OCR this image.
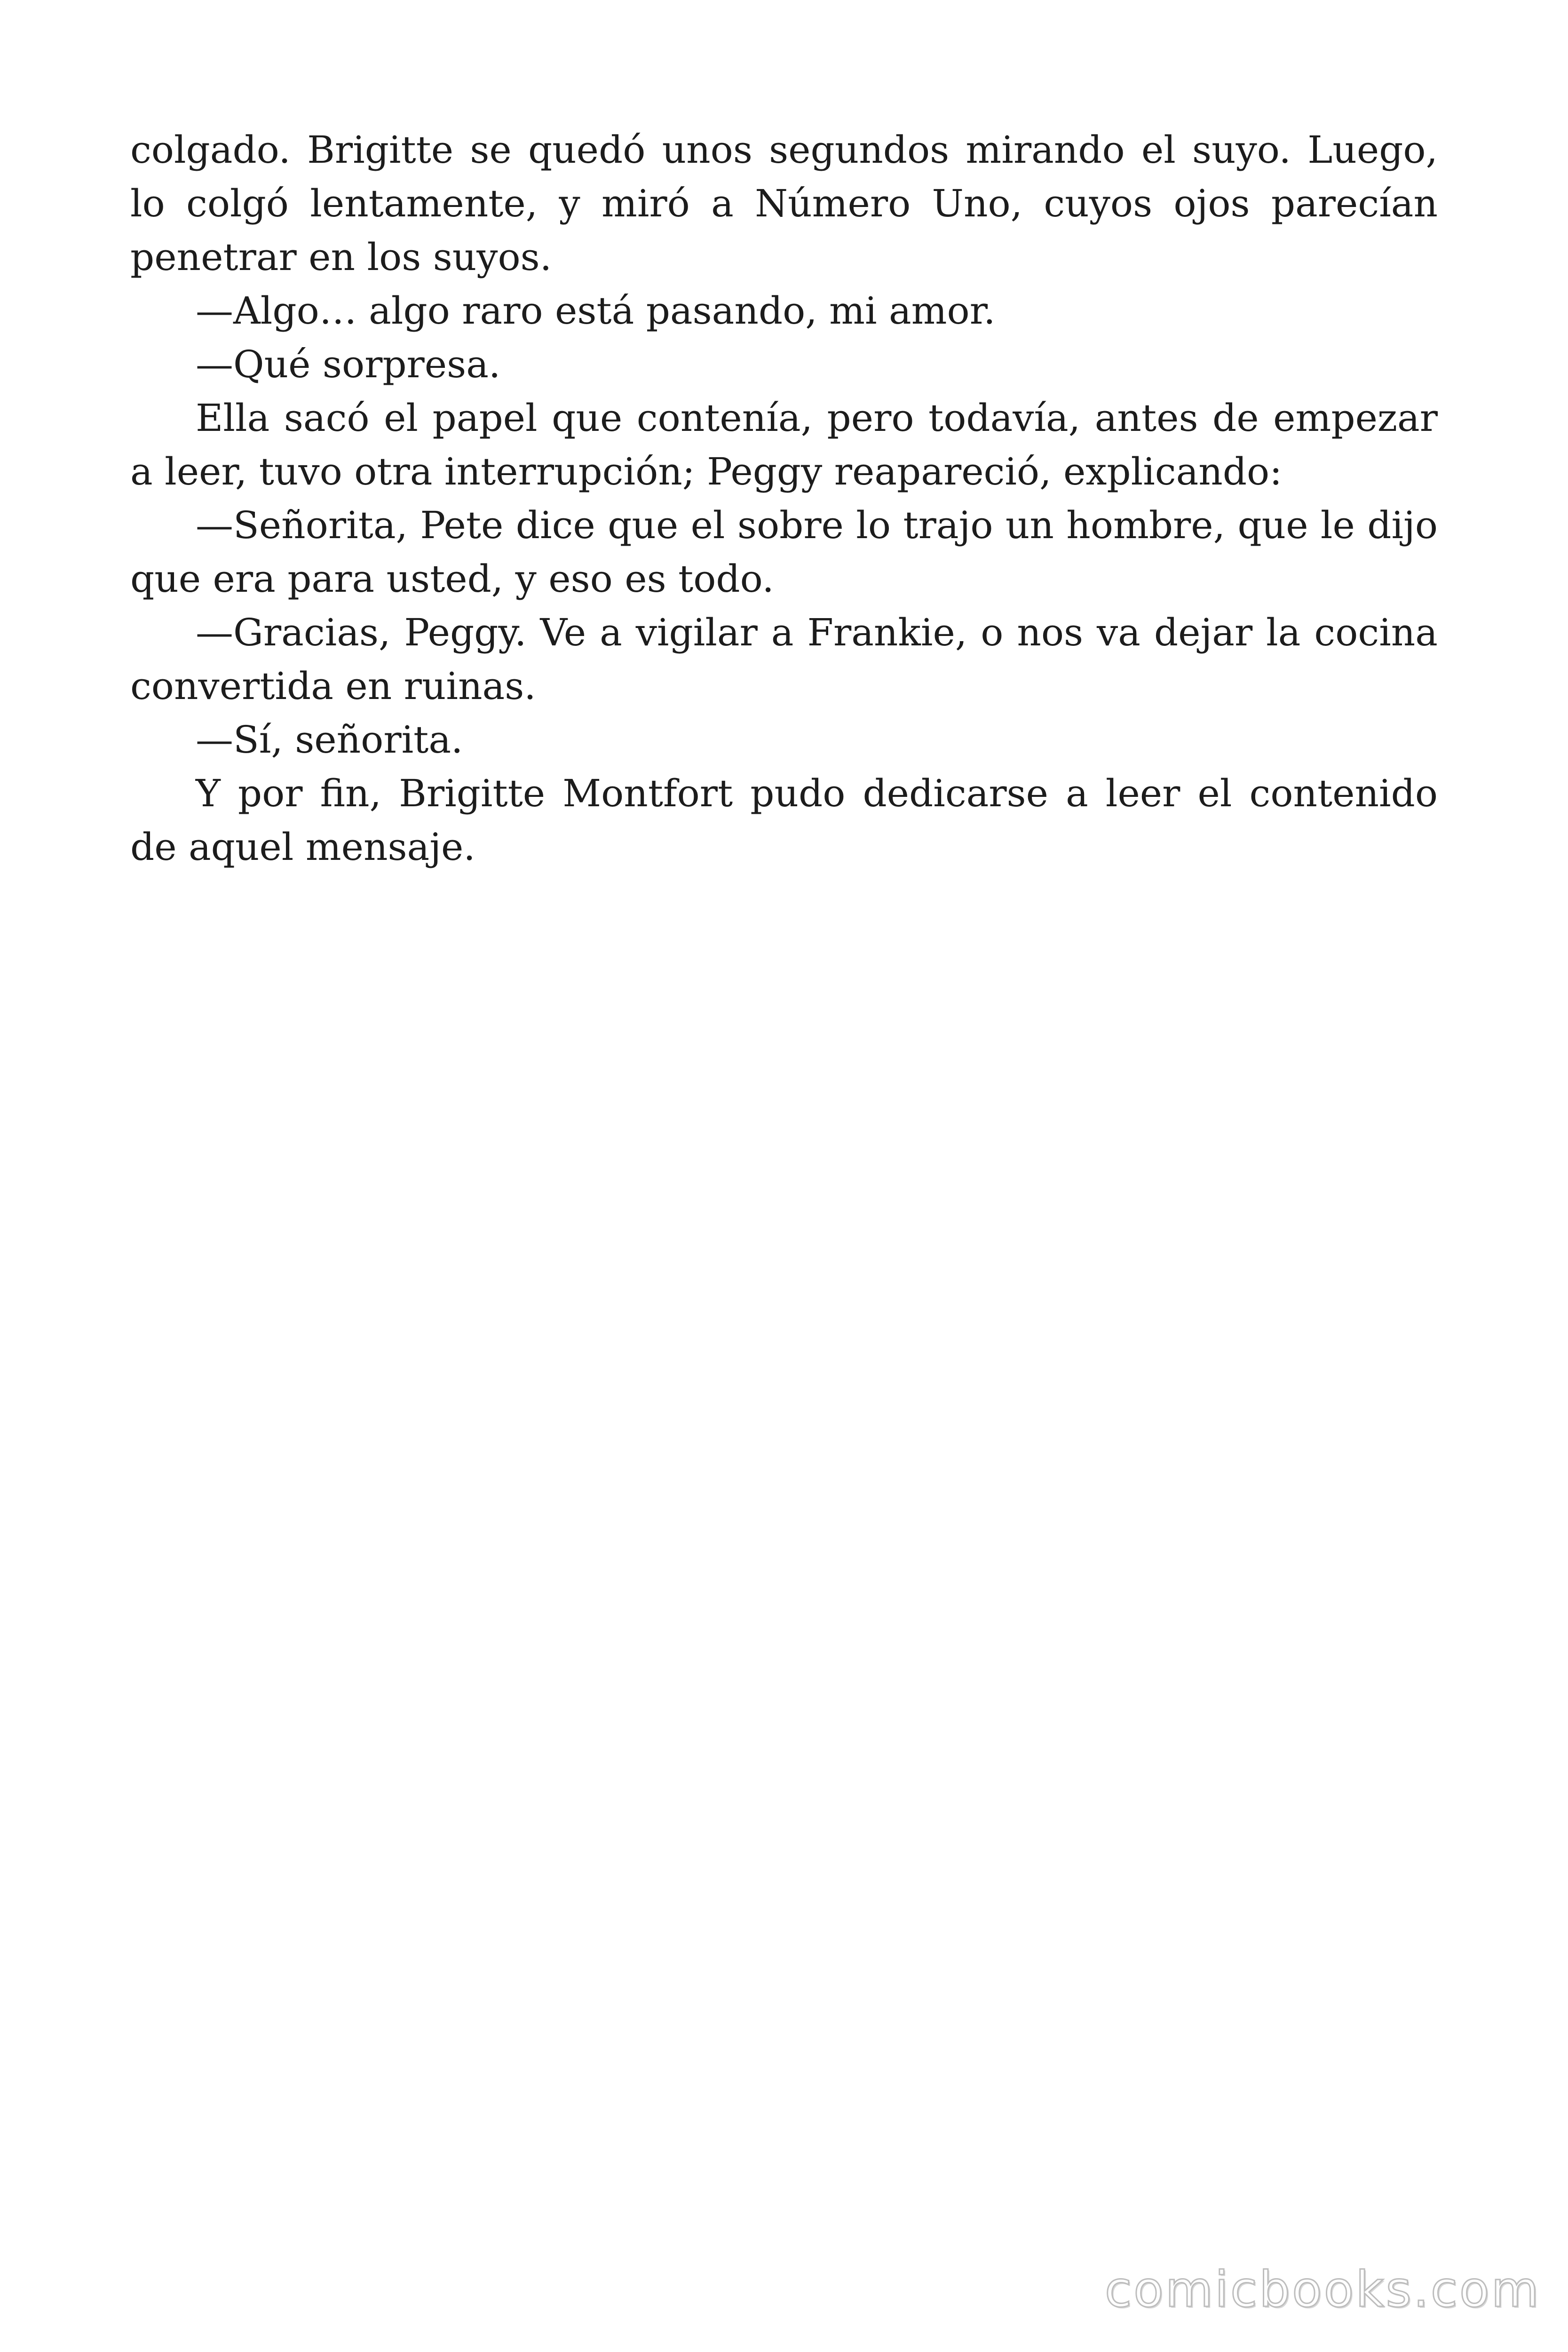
colgado. Brigitte se quedó unos segundos mirando el suyo. Luego, lo colgó lentamente, y miró a Número Uno, cuyos ojos parecían penetrar en los suyos.

—Algo… algo raro está pasando, mi amor.

—Qué sorpresa.

Ella sacó el papel que contenía, pero todavía, antes de empezar a leer, tuvo otra interrupción; Peggy reapareció, explicando:

—Señorita, Pete dice que el sobre lo trajo un hombre, que le dijo que era para usted, y eso es todo.

—Gracias, Peggy. Ve a vigilar a Frankie, o nos va dejar la cocina convertida en ruinas.

—Sí, señorita.

Y por fin, Brigitte Montfort pudo dedicarse a leer el contenido de aquel mensaje.

comicbooks.com
